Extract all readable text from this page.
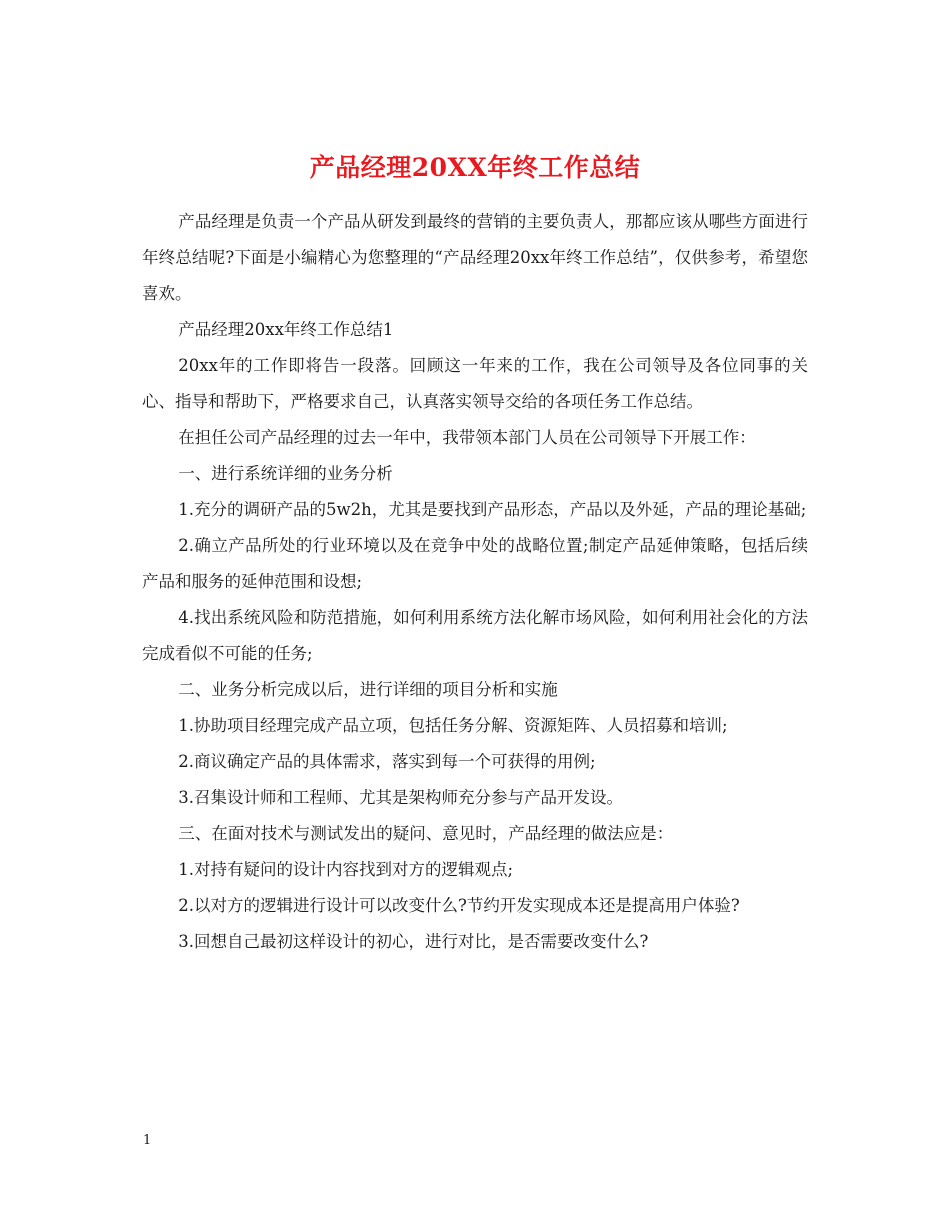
产品经理20XX年终工作总结

产品经理是负责一个产品从研发到最终的营销的主要负责人，那都应该从哪些方面进行年终总结呢?下面是小编精心为您整理的“产品经理20xx年终工作总结”，仅供参考，希望您喜欢。

产品经理20xx年终工作总结1

20xx年的工作即将告一段落。回顾这一年来的工作，我在公司领导及各位同事的关心、指导和帮助下，严格要求自己，认真落实领导交给的各项任务工作总结。

在担任公司产品经理的过去一年中，我带领本部门人员在公司领导下开展工作：

一、进行系统详细的业务分析

1.充分的调研产品的5w2h，尤其是要找到产品形态，产品以及外延，产品的理论基础;

2.确立产品所处的行业环境以及在竞争中处的战略位置;制定产品延伸策略，包括后续产品和服务的延伸范围和设想;

4.找出系统风险和防范措施，如何利用系统方法化解市场风险，如何利用社会化的方法完成看似不可能的任务;

二、业务分析完成以后，进行详细的项目分析和实施

1.协助项目经理完成产品立项，包括任务分解、资源矩阵、人员招募和培训;

2.商议确定产品的具体需求，落实到每一个可获得的用例;

3.召集设计师和工程师、尤其是架构师充分参与产品开发设。

三、在面对技术与测试发出的疑问、意见时，产品经理的做法应是：

1.对持有疑问的设计内容找到对方的逻辑观点;

2.以对方的逻辑进行设计可以改变什么?节约开发实现成本还是提高用户体验?

3.回想自己最初这样设计的初心，进行对比，是否需要改变什么?

1
